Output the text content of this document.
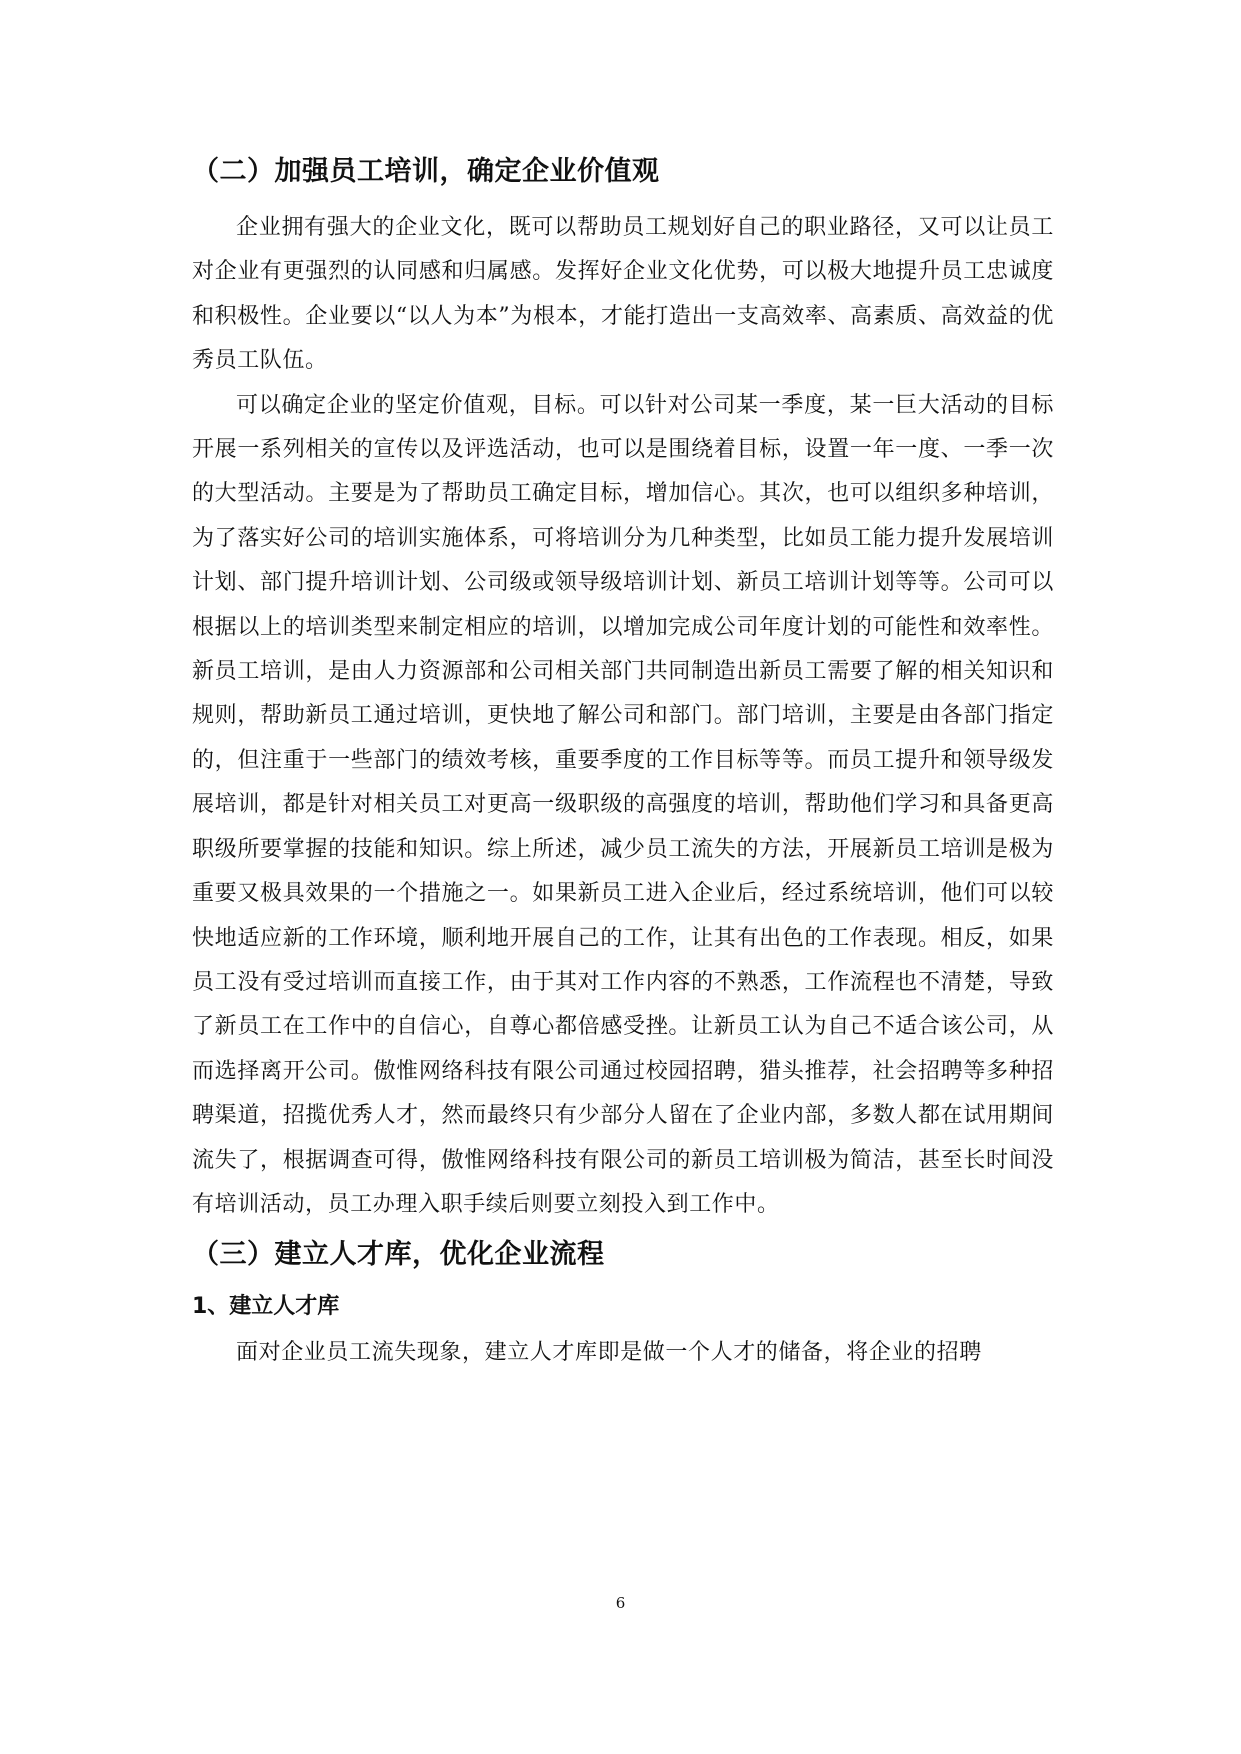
（二）加强员工培训，确定企业价值观

企业拥有强大的企业文化，既可以帮助员工规划好自己的职业路径，又可以让员工对企业有更强烈的认同感和归属感。发挥好企业文化优势，可以极大地提升员工忠诚度和积极性。企业要以“以人为本”为根本，才能打造出一支高效率、高素质、高效益的优秀员工队伍。

可以确定企业的坚定价值观，目标。可以针对公司某一季度，某一巨大活动的目标开展一系列相关的宣传以及评选活动，也可以是围绕着目标，设置一年一度、一季一次的大型活动。主要是为了帮助员工确定目标，增加信心。其次，也可以组织多种培训，为了落实好公司的培训实施体系，可将培训分为几种类型，比如员工能力提升发展培训计划、部门提升培训计划、公司级或领导级培训计划、新员工培训计划等等。公司可以根据以上的培训类型来制定相应的培训，以增加完成公司年度计划的可能性和效率性。新员工培训，是由人力资源部和公司相关部门共同制造出新员工需要了解的相关知识和规则，帮助新员工通过培训，更快地了解公司和部门。部门培训，主要是由各部门指定的，但注重于一些部门的绩效考核，重要季度的工作目标等等。而员工提升和领导级发展培训，都是针对相关员工对更高一级职级的高强度的培训，帮助他们学习和具备更高职级所要掌握的技能和知识。综上所述，减少员工流失的方法，开展新员工培训是极为重要又极具效果的一个措施之一。如果新员工进入企业后，经过系统培训，他们可以较快地适应新的工作环境，顺利地开展自己的工作，让其有出色的工作表现。相反，如果员工没有受过培训而直接工作，由于其对工作内容的不熟悉，工作流程也不清楚，导致了新员工在工作中的自信心，自尊心都倍感受挫。让新员工认为自己不适合该公司，从而选择离开公司。傲惟网络科技有限公司通过校园招聘，猎头推荐，社会招聘等多种招聘渠道，招揽优秀人才，然而最终只有少部分人留在了企业内部，多数人都在试用期间流失了，根据调查可得，傲惟网络科技有限公司的新员工培训极为简洁，甚至长时间没有培训活动，员工办理入职手续后则要立刻投入到工作中。

（三）建立人才库，优化企业流程
1、建立人才库

面对企业员工流失现象，建立人才库即是做一个人才的储备，将企业的招聘

6
